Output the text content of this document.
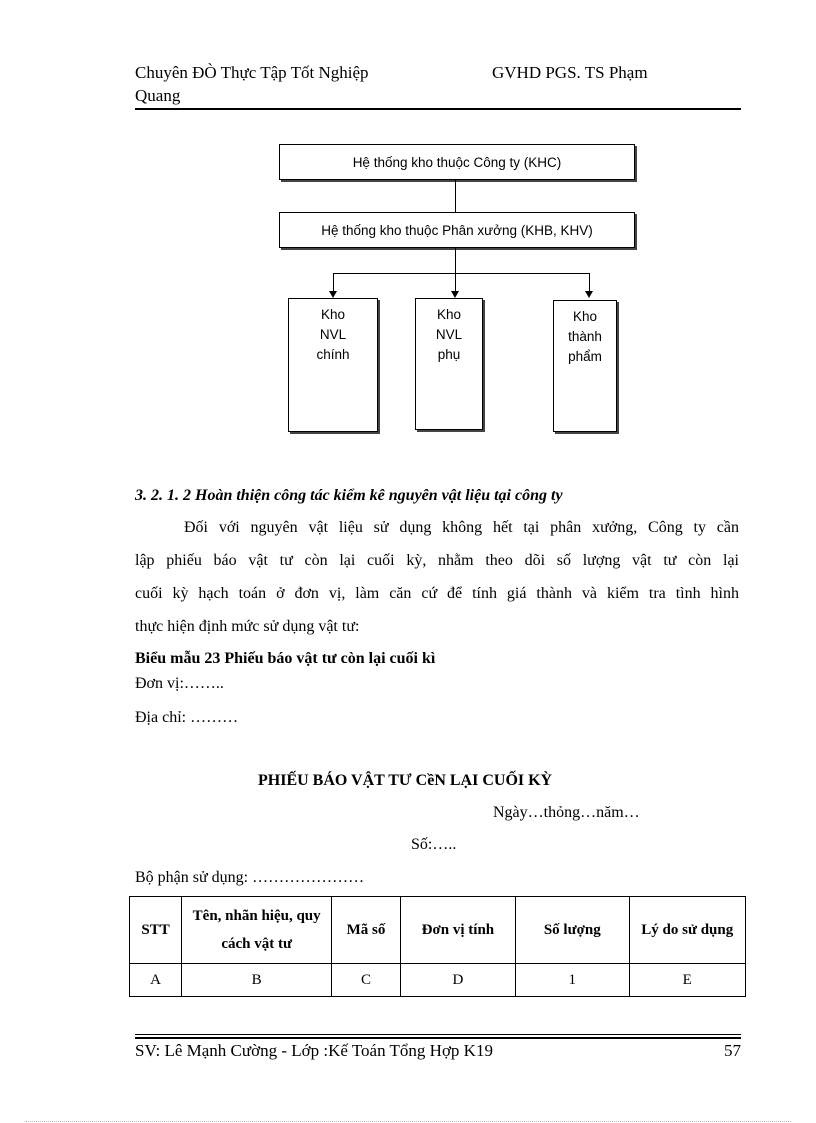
Chuyên ĐÒ Thực Tập Tốt Nghiệp	GVHD PGS. TS Phạm
Quang
Hệ thống kho thuộc Công ty (KHC)
Hệ thống kho thuộc Phân xưởng (KHB, KHV)
Kho
NVL
chính
Kho
NVL
phụ
Kho
thành
phẩm
3. 2. 1. 2 Hoàn thiện công tác kiểm kê nguyên vật liệu tại công ty
Đối với nguyên vật liệu sử dụng không hết tại phân xưởng, Công ty cần
lập phiếu báo vật tư còn lại cuối kỳ, nhằm theo dõi số lượng vật tư còn lại
cuối kỳ hạch toán ở đơn vị, làm căn cứ để tính giá thành và kiểm tra tình hình
thực hiện định mức sử dụng vật tư:
Biểu mẫu 23 Phiếu báo vật tư còn lại cuối kì
Đơn vị:……..
Địa chỉ: ………
PHIẾU BÁO VẬT TƯ CềN LẠI CUỐI KỲ
Ngày…thỏng…năm…
Số:…..
Bộ phận sử dụng: …………………
STT	Tên, nhãn hiệu, quy cách vật tư	Mã số	Đơn vị tính	Số lượng	Lý do sử dụng
A	B	C	D	1	E
SV: Lê Mạnh Cường - Lớp :Kế Toán Tổng Hợp K19	57
